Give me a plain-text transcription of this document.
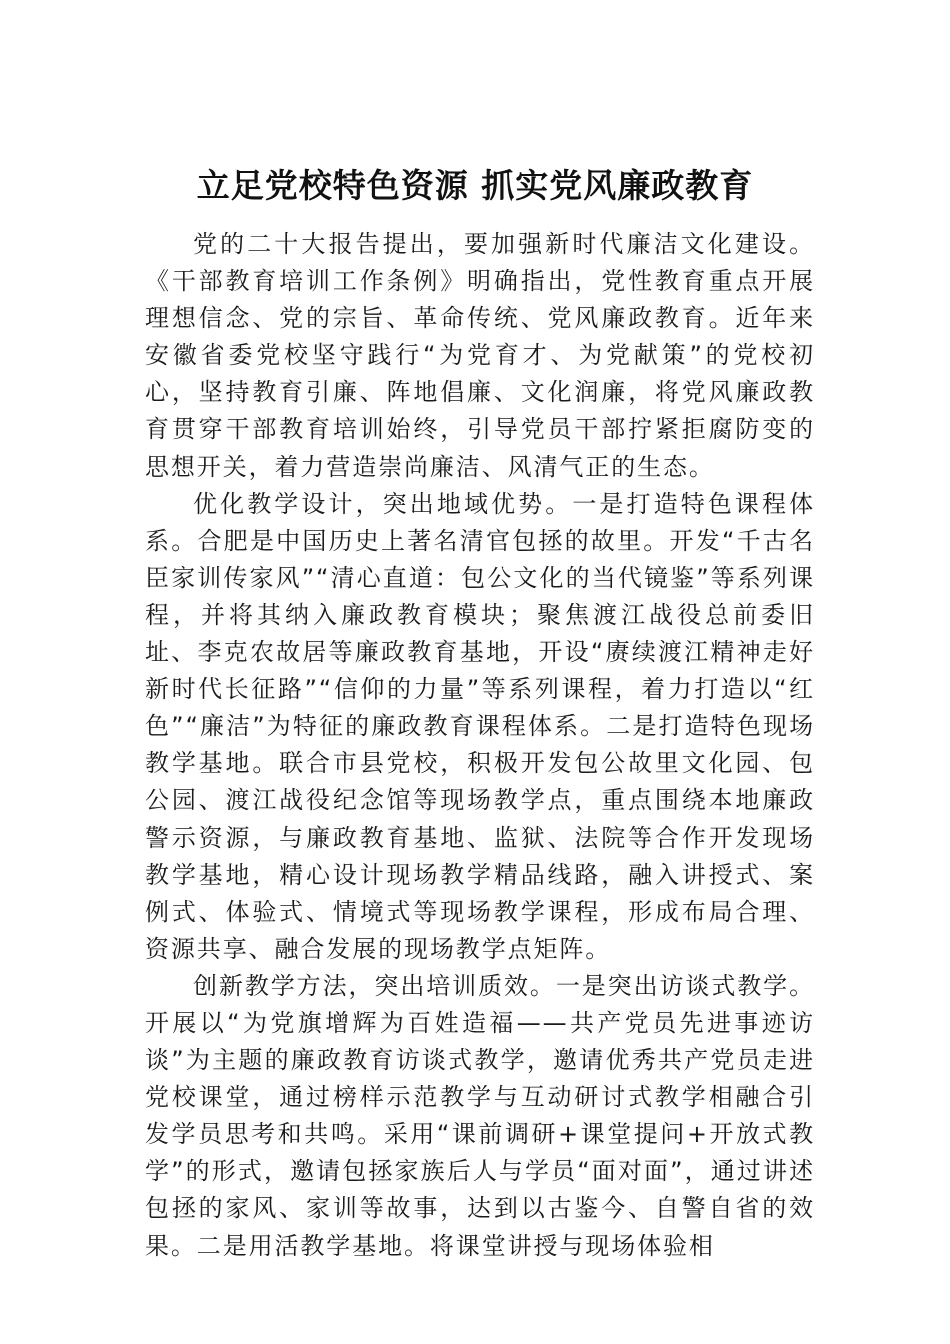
立足党校特色资源 抓实党风廉政教育

党的二十大报告提出，要加强新时代廉洁文化建设。《干部教育培训工作条例》明确指出，党性教育重点开展理想信念、党的宗旨、革命传统、党风廉政教育。近年来安徽省委党校坚守践行“为党育才、为党献策”的党校初心，坚持教育引廉、阵地倡廉、文化润廉，将党风廉政教育贯穿干部教育培训始终，引导党员干部拧紧拒腐防变的思想开关，着力营造崇尚廉洁、风清气正的生态。

优化教学设计，突出地域优势。一是打造特色课程体系。合肥是中国历史上著名清官包拯的故里。开发“千古名臣家训传家风”“清心直道：包公文化的当代镜鉴”等系列课程，并将其纳入廉政教育模块；聚焦渡江战役总前委旧址、李克农故居等廉政教育基地，开设“赓续渡江精神走好新时代长征路”“信仰的力量”等系列课程，着力打造以“红色”“廉洁”为特征的廉政教育课程体系。二是打造特色现场教学基地。联合市县党校，积极开发包公故里文化园、包公园、渡江战役纪念馆等现场教学点，重点围绕本地廉政警示资源，与廉政教育基地、监狱、法院等合作开发现场教学基地，精心设计现场教学精品线路，融入讲授式、案例式、体验式、情境式等现场教学课程，形成布局合理、资源共享、融合发展的现场教学点矩阵。

创新教学方法，突出培训质效。一是突出访谈式教学。开展以“为党旗增辉为百姓造福——共产党员先进事迹访谈”为主题的廉政教育访谈式教学，邀请优秀共产党员走进党校课堂，通过榜样示范教学与互动研讨式教学相融合引发学员思考和共鸣。采用“课前调研+课堂提问+开放式教学”的形式，邀请包拯家族后人与学员“面对面”，通过讲述包拯的家风、家训等故事，达到以古鉴今、自警自省的效果。二是用活教学基地。将课堂讲授与现场体验相
